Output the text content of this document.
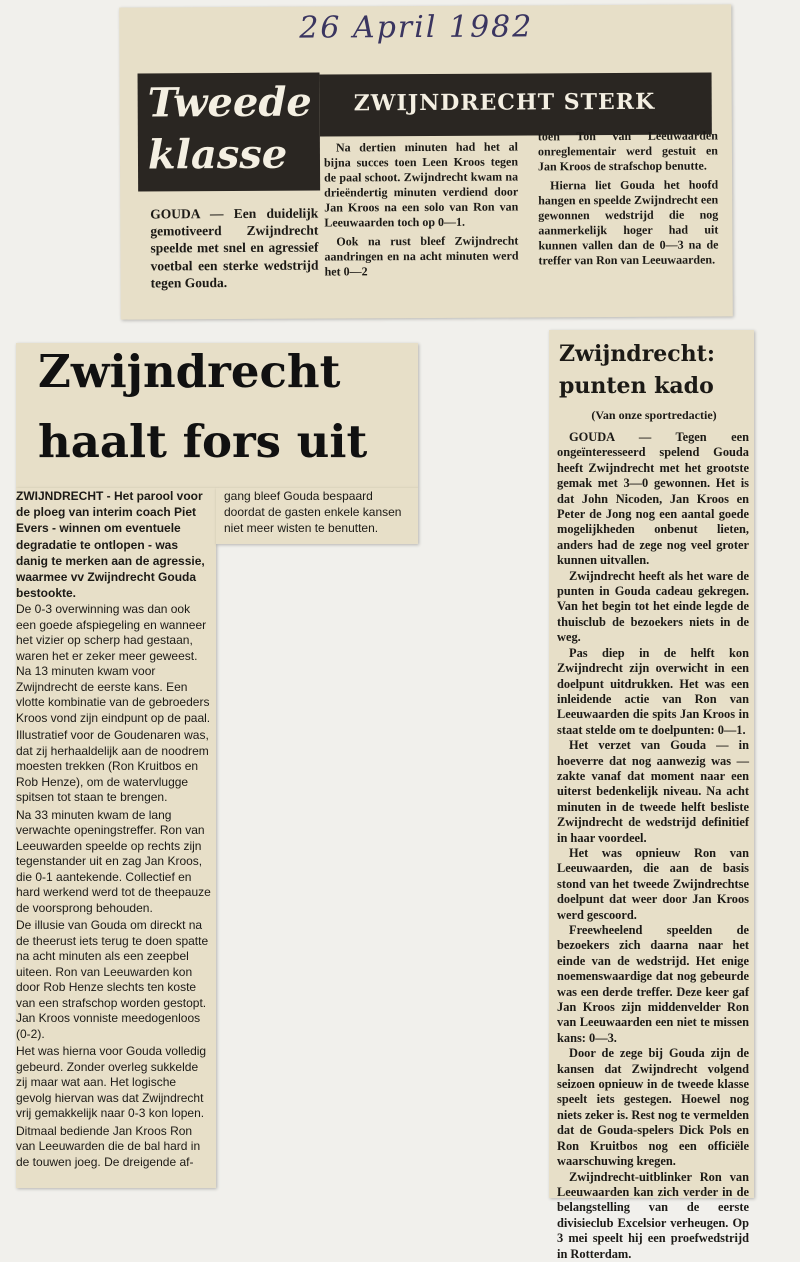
26 April 1982
Tweede
klasse
ZWIJNDRECHT STERK
GOUDA — Een duidelijk gemotiveerd Zwijndrecht speelde met snel en agressief voetbal een sterke wedstrijd tegen Gouda.

Na dertien minuten had het al bijna succes toen Leen Kroos tegen de paal schoot. Zwijndrecht kwam na drieëndertig minuten verdiend door Jan Kroos na een solo van Ron van Leeuwaarden toch op 0—1.

Ook na rust bleef Zwijndrecht aandringen en na acht minuten werd het 0—2

toen Ton van Leeuwaarden onreglementair werd gestuit en Jan Kroos de strafschop benutte.

Hierna liet Gouda het hoofd hangen en speelde Zwijndrecht een gewonnen wedstrijd die nog aanmerkelijk hoger had uit kunnen vallen dan de 0—3 na de treffer van Ron van Leeuwaarden.

Zwijndrecht
haalt fors uit
ZWIJNDRECHT - Het parool voor de ploeg van interim coach Piet Evers - winnen om eventuele degradatie te ontlopen - was danig te merken aan de agressie, waarmee vv Zwijndrecht Gouda bestookte.

De 0-3 overwinning was dan ook een goede afspiegeling en wanneer het vizier op scherp had gestaan, waren het er zeker meer geweest. Na 13 minuten kwam voor Zwijndrecht de eerste kans. Een vlotte kombinatie van de gebroeders Kroos vond zijn eindpunt op de paal.

Illustratief voor de Goudenaren was, dat zij herhaaldelijk aan de noodrem moesten trekken (Ron Kruitbos en Rob Henze), om de watervlugge spitsen tot staan te brengen.

Na 33 minuten kwam de lang verwachte openingstreffer. Ron van Leeuwarden speelde op rechts zijn tegenstander uit en zag Jan Kroos, die 0-1 aantekende. Collectief en hard werkend werd tot de theepauze de voorsprong behouden.

De illusie van Gouda om direckt na de theerust iets terug te doen spatte na acht minuten als een zeepbel uiteen. Ron van Leeuwarden kon door Rob Henze slechts ten koste van een strafschop worden gestopt. Jan Kroos vonniste meedogenloos (0-2).

Het was hierna voor Gouda volledig gebeurd. Zonder overleg sukkelde zij maar wat aan. Het logische gevolg hiervan was dat Zwijndrecht vrij gemakkelijk naar 0-3 kon lopen.

Ditmaal bediende Jan Kroos Ron van Leeuwarden die de bal hard in de touwen joeg. De dreigende af-

gang bleef Gouda bespaard doordat de gasten enkele kansen niet meer wisten te benutten.
Zwijndrecht:
punten kado
(Van onze sportredactie)

GOUDA — Tegen een ongeïnteresseerd spelend Gouda heeft Zwijndrecht met het grootste gemak met 3—0 gewonnen. Het is dat John Nicoden, Jan Kroos en Peter de Jong nog een aantal goede mogelijkheden onbenut lieten, anders had de zege nog veel groter kunnen uitvallen.

Zwijndrecht heeft als het ware de punten in Gouda cadeau gekregen. Van het begin tot het einde legde de thuisclub de bezoekers niets in de weg.

Pas diep in de helft kon Zwijndrecht zijn overwicht in een doelpunt uitdrukken. Het was een inleidende actie van Ron van Leeuwaarden die spits Jan Kroos in staat stelde om te doelpunten: 0—1.

Het verzet van Gouda — in hoeverre dat nog aanwezig was — zakte vanaf dat moment naar een uiterst bedenkelijk niveau. Na acht minuten in de tweede helft besliste Zwijndrecht de wedstrijd definitief in haar voordeel.

Het was opnieuw Ron van Leeuwaarden, die aan de basis stond van het tweede Zwijndrechtse doelpunt dat weer door Jan Kroos werd gescoord.

Freewheelend speelden de bezoekers zich daarna naar het einde van de wedstrijd. Het enige noemenswaardige dat nog gebeurde was een derde treffer. Deze keer gaf Jan Kroos zijn middenvelder Ron van Leeuwaarden een niet te missen kans: 0—3.

Door de zege bij Gouda zijn de kansen dat Zwijndrecht volgend seizoen opnieuw in de tweede klasse speelt iets gestegen. Hoewel nog niets zeker is. Rest nog te vermelden dat de Gouda-spelers Dick Pols en Ron Kruitbos nog een officiële waarschuwing kregen.

Zwijndrecht-uitblinker Ron van Leeuwaarden kan zich verder in de belangstelling van de eerste divisieclub Excelsior verheugen. Op 3 mei speelt hij een proefwedstrijd in Rotterdam.
